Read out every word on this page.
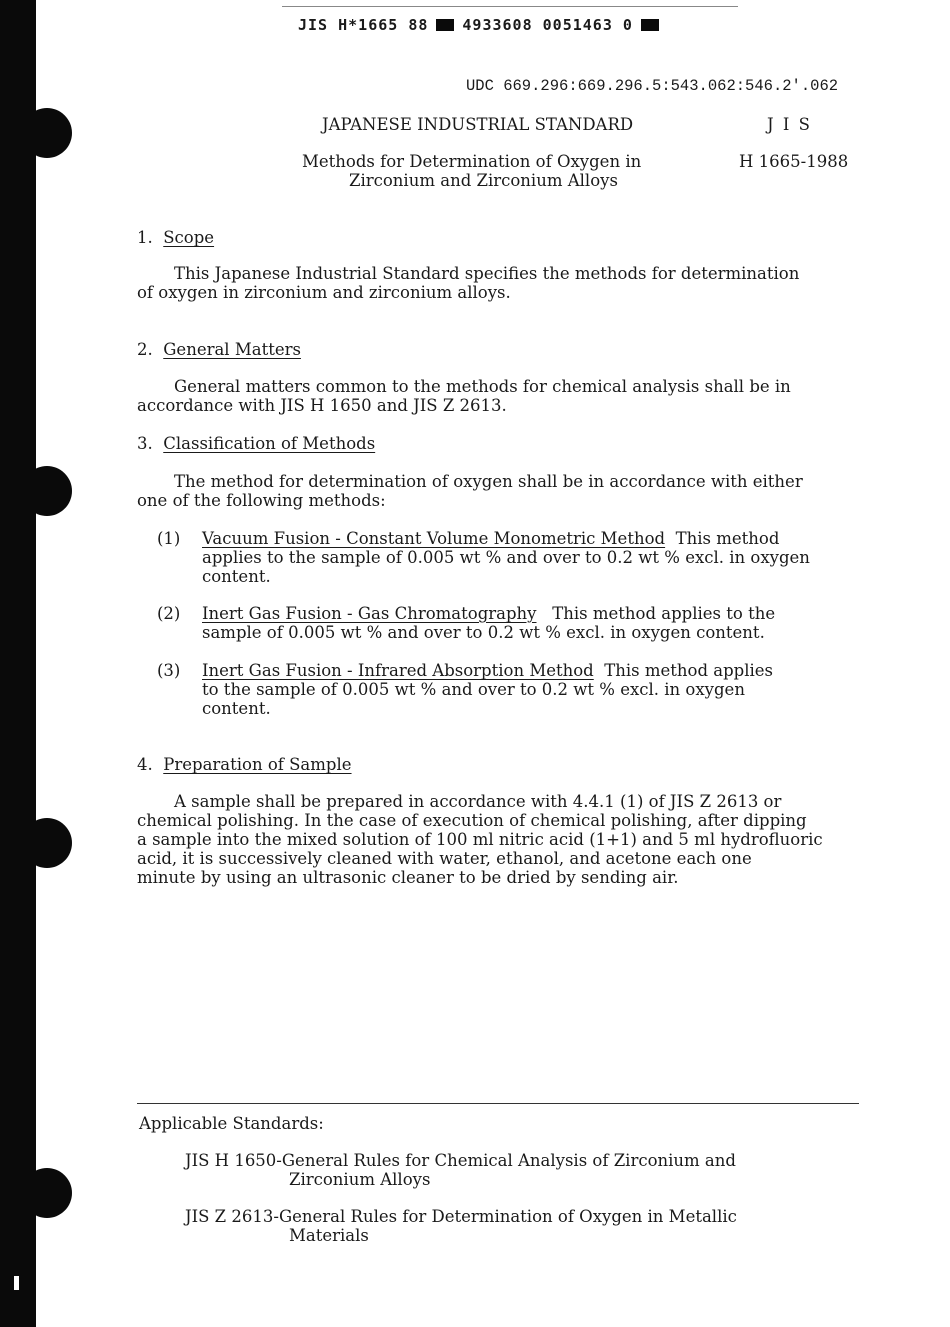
JIS H*1665 88 4933608 0051463 0
UDC 669.296:669.296.5:543.062:546.2'.062
JAPANESE INDUSTRIAL STANDARD	J I S
Methods for Determination of Oxygen in
Zirconium and Zirconium Alloys
H 1665-1988
1. Scope
This Japanese Industrial Standard specifies the methods for determination
of oxygen in zirconium and zirconium alloys.
2. General Matters
General matters common to the methods for chemical analysis shall be in
accordance with JIS H 1650 and JIS Z 2613.
3. Classification of Methods
The method for determination of oxygen shall be in accordance with either
one of the following methods:
(1) Vacuum Fusion - Constant Volume Monometric Method This method
applies to the sample of 0.005 wt % and over to 0.2 wt % excl. in oxygen
content.
(2) Inert Gas Fusion - Gas Chromatography This method applies to the
sample of 0.005 wt % and over to 0.2 wt % excl. in oxygen content.
(3) Inert Gas Fusion - Infrared Absorption Method This method applies
to the sample of 0.005 wt % and over to 0.2 wt % excl. in oxygen
content.
4. Preparation of Sample
A sample shall be prepared in accordance with 4.4.1 (1) of JIS Z 2613 or
chemical polishing. In the case of execution of chemical polishing, after dipping
a sample into the mixed solution of 100 ml nitric acid (1+1) and 5 ml hydrofluoric
acid, it is successively cleaned with water, ethanol, and acetone each one
minute by using an ultrasonic cleaner to be dried by sending air.
Applicable Standards:
JIS H 1650-General Rules for Chemical Analysis of Zirconium and
Zirconium Alloys
JIS Z 2613-General Rules for Determination of Oxygen in Metallic
Materials
